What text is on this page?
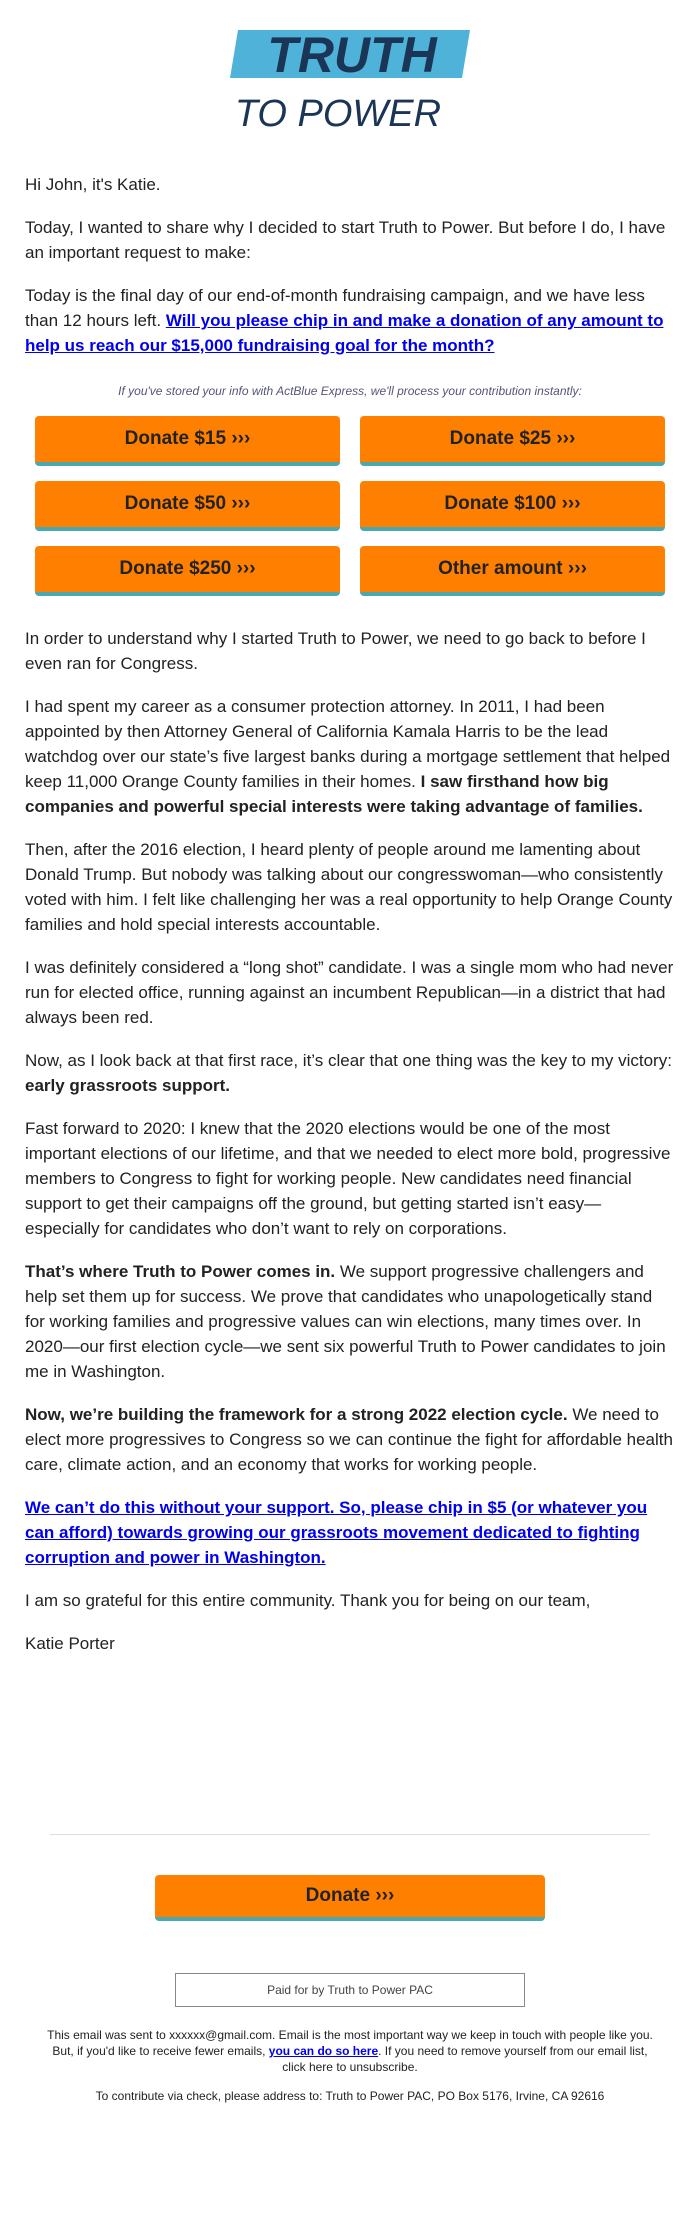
TRUTH
TO POWER

Hi John, it's Katie.

Today, I wanted to share why I decided to start Truth to Power. But before I do, I have an important request to make:

Today is the final day of our end-of-month fundraising campaign, and we have less than 12 hours left. Will you please chip in and make a donation of any amount to help us reach our $15,000 fundraising goal for the month?

If you've stored your info with ActBlue Express, we'll process your contribution instantly:
Donate $15 ›››	Donate $25 ›››
Donate $50 ›››	Donate $100 ›››
Donate $250 ›››	Other amount ›››

In order to understand why I started Truth to Power, we need to go back to before I even ran for Congress.

I had spent my career as a consumer protection attorney. In 2011, I had been appointed by then Attorney General of California Kamala Harris to be the lead watchdog over our state’s five largest banks during a mortgage settlement that helped keep 11,000 Orange County families in their homes. I saw firsthand how big companies and powerful special interests were taking advantage of families.

Then, after the 2016 election, I heard plenty of people around me lamenting about Donald Trump. But nobody was talking about our congresswoman—who consistently voted with him. I felt like challenging her was a real opportunity to help Orange County families and hold special interests accountable.

I was definitely considered a “long shot” candidate. I was a single mom who had never run for elected office, running against an incumbent Republican—in a district that had always been red.

Now, as I look back at that first race, it’s clear that one thing was the key to my victory: early grassroots support.

Fast forward to 2020: I knew that the 2020 elections would be one of the most important elections of our lifetime, and that we needed to elect more bold, progressive members to Congress to fight for working people. New candidates need financial support to get their campaigns off the ground, but getting started isn’t easy—especially for candidates who don’t want to rely on corporations.

That’s where Truth to Power comes in. We support progressive challengers and help set them up for success. We prove that candidates who unapologetically stand for working families and progressive values can win elections, many times over. In 2020—our first election cycle—we sent six powerful Truth to Power candidates to join me in Washington.

Now, we’re building the framework for a strong 2022 election cycle. We need to elect more progressives to Congress so we can continue the fight for affordable health care, climate action, and an economy that works for working people.

We can’t do this without your support. So, please chip in $5 (or whatever you can afford) towards growing our grassroots movement dedicated to fighting corruption and power in Washington.

I am so grateful for this entire community. Thank you for being on our team,

Katie Porter

Donate ›››
Paid for by Truth to Power PAC
This email was sent to xxxxxx@gmail.com. Email is the most important way we keep in touch with people like you. But, if you'd like to receive fewer emails, you can do so here. If you need to remove yourself from our email list, click here to unsubscribe.
To contribute via check, please address to: Truth to Power PAC, PO Box 5176, Irvine, CA 92616
